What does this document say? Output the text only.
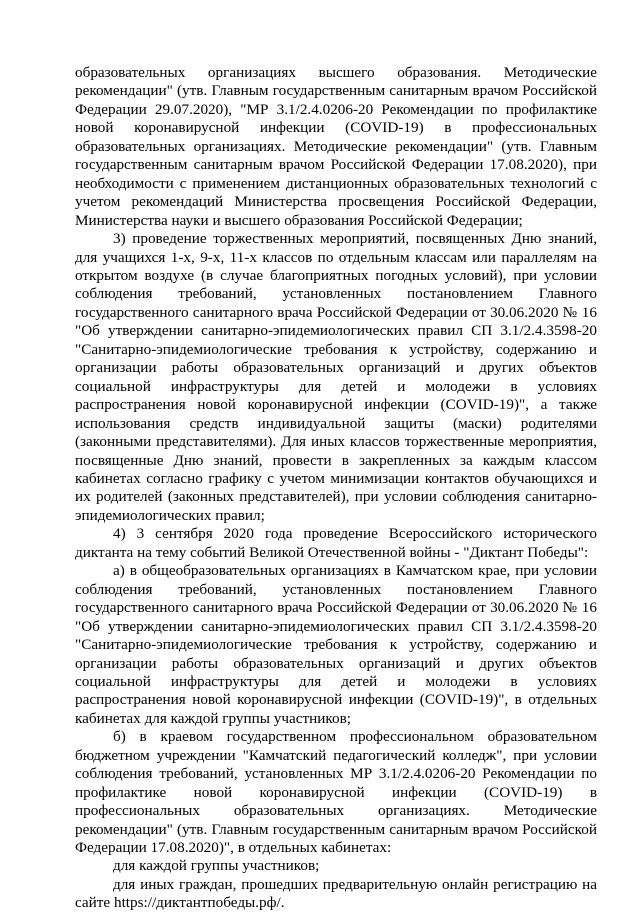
образовательных организациях высшего образования. Методические рекомендации" (утв. Главным государственным санитарным врачом Российской Федерации 29.07.2020), "МР 3.1/2.4.0206-20 Рекомендации по профилактике новой коронавирусной инфекции (COVID-19) в профессиональных образовательных организациях. Методические рекомендации" (утв. Главным государственным санитарным врачом Российской Федерации 17.08.2020), при необходимости с применением дистанционных образовательных технологий с учетом рекомендаций Министерства просвещения Российской Федерации, Министерства науки и высшего образования Российской Федерации;

3) проведение торжественных мероприятий, посвященных Дню знаний, для учащихся 1-х, 9-х, 11-х классов по отдельным классам или параллелям на открытом воздухе (в случае благоприятных погодных условий), при условии соблюдения требований, установленных постановлением Главного государственного санитарного врача Российской Федерации от 30.06.2020 № 16 "Об утверждении санитарно-эпидемиологических правил СП 3.1/2.4.3598-20 "Санитарно-эпидемиологические требования к устройству, содержанию и организации работы образовательных организаций и других объектов социальной инфраструктуры для детей и молодежи в условиях распространения новой коронавирусной инфекции (COVID-19)", а также использования средств индивидуальной защиты (маски) родителями (законными представителями). Для иных классов торжественные мероприятия, посвященные Дню знаний, провести в закрепленных за каждым классом кабинетах согласно графику с учетом минимизации контактов обучающихся и их родителей (законных представителей), при условии соблюдения санитарно-эпидемиологических правил;

4) 3 сентября 2020 года проведение Всероссийского исторического диктанта на тему событий Великой Отечественной войны - "Диктант Победы":

а) в общеобразовательных организациях в Камчатском крае, при условии соблюдения требований, установленных постановлением Главного государственного санитарного врача Российской Федерации от 30.06.2020 № 16 "Об утверждении санитарно-эпидемиологических правил СП 3.1/2.4.3598-20 "Санитарно-эпидемиологические требования к устройству, содержанию и организации работы образовательных организаций и других объектов социальной инфраструктуры для детей и молодежи в условиях распространения новой коронавирусной инфекции (COVID-19)", в отдельных кабинетах для каждой группы участников;

б) в краевом государственном профессиональном образовательном бюджетном учреждении "Камчатский педагогический колледж", при условии соблюдения требований, установленных МР 3.1/2.4.0206-20 Рекомендации по профилактике новой коронавирусной инфекции (COVID-19) в профессиональных образовательных организациях. Методические рекомендации" (утв. Главным государственным санитарным врачом Российской Федерации 17.08.2020)", в отдельных кабинетах:

для каждой группы участников;

для иных граждан, прошедших предварительную онлайн регистрацию на сайте https://диктантпобеды.рф/.
